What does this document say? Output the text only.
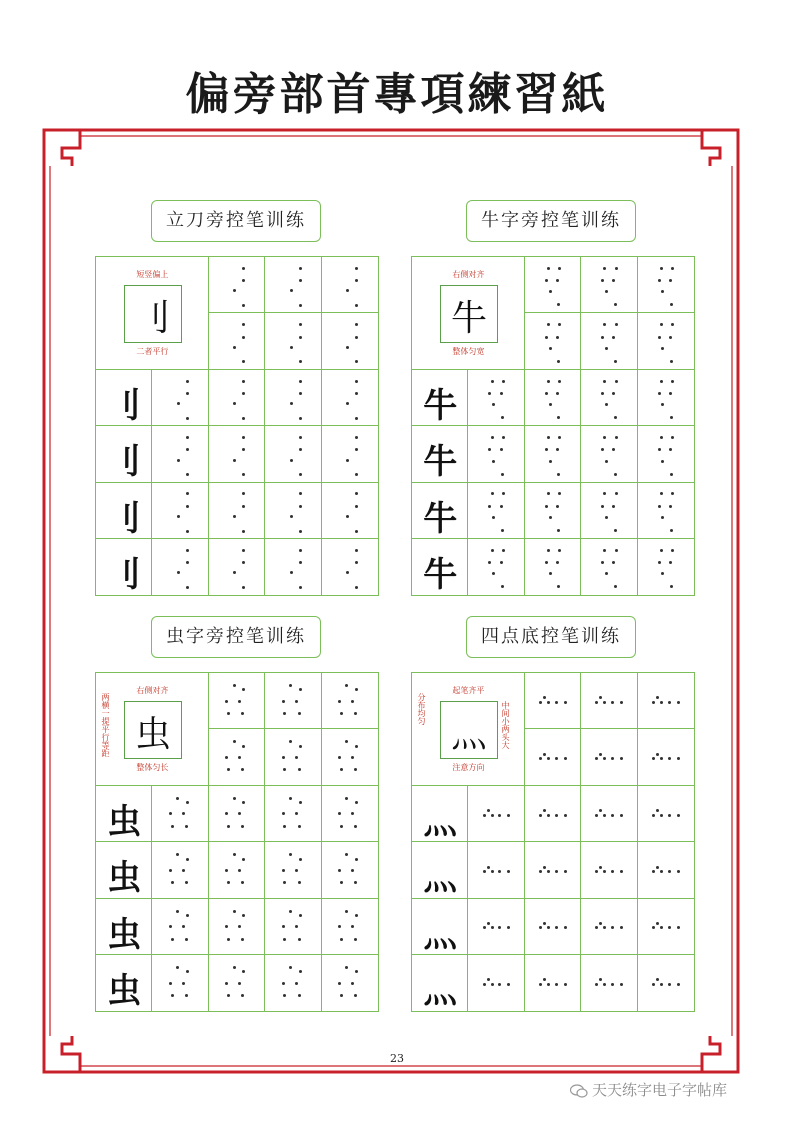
偏旁部首專項練習紙
立刀旁控笔训练
刂
短竖偏上
二者平行
刂
刂
刂
刂
牛字旁控笔训练
牛
右侧对齐
整体匀宽
牛
牛
牛
牛
虫字旁控笔训练
虫
右侧对齐
整体匀长
两横一提平行等距
虫
虫
虫
虫
四点底控笔训练
灬
起笔齐平
注意方向
分布均匀	中间小两头大
灬
灬
灬
灬
23
天天练字电子字帖库
